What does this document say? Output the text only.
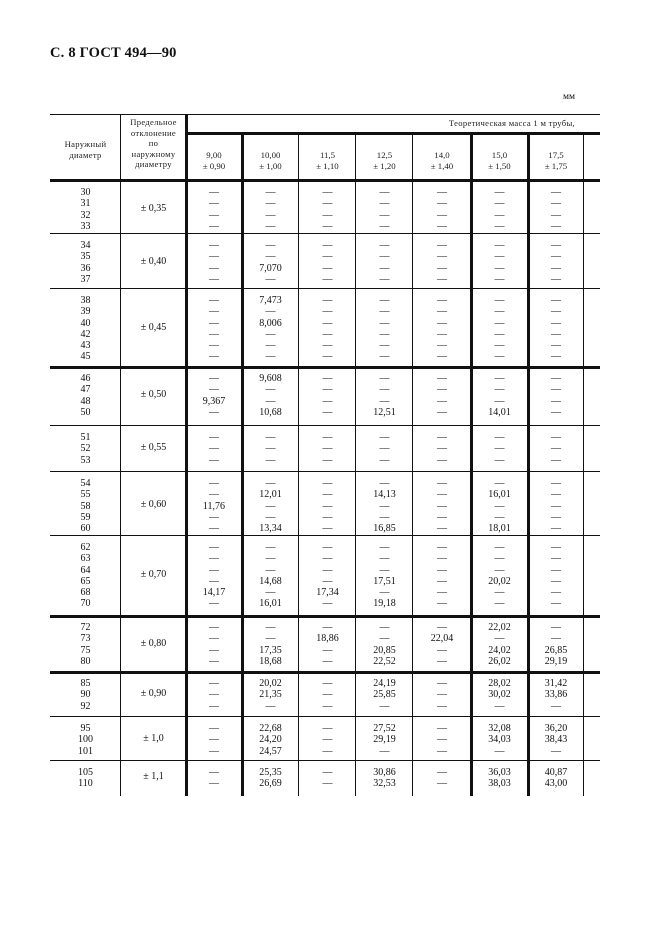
С. 8 ГОСТ 494—90
мм
Наружный диаметр
Предельное
отклонение
по
наружному
диаметру
Теоретическая масса 1 м трубы,
9,00
± 0,90
10,00
± 1,00
11,5
± 1,10
12,5
± 1,20
14,0
± 1,40
15,0
± 1,50
17,5
± 1,75
30
31
32
33
± 0,35
—
—
—
—
—
—
—
—
—
—
—
—
—
—
—
—
—
—
—
—
—
—
—
—
—
—
—
—
34
35
36
37
± 0,40
—
—
—
—
—
—
7,070
—
—
—
—
—
—
—
—
—
—
—
—
—
—
—
—
—
—
—
—
—
38
39
40
42
43
45
± 0,45
—
—
—
—
—
—
7,473
—
8,006
—
—
—
—
—
—
—
—
—
—
—
—
—
—
—
—
—
—
—
—
—
—
—
—
—
—
—
—
—
—
—
—
—
46
47
48
50
± 0,50
—
—
9,367
—
9,608
—
—
10,68
—
—
—
—
—
—
—
12,51
—
—
—
—
—
—
—
14,01
—
—
—
—
51
52
53
± 0,55
—
—
—
—
—
—
—
—
—
—
—
—
—
—
—
—
—
—
—
—
—
54
55
58
59
60
± 0,60
—
—
11,76
—
—
—
12,01
—
—
13,34
—
—
—
—
—
—
14,13
—
—
16,85
—
—
—
—
—
—
16,01
—
—
18,01
—
—
—
—
—
62
63
64
65
68
70
± 0,70
—
—
—
—
14,17
—
—
—
—
14,68
—
16,01
—
—
—
—
17,34
—
—
—
—
17,51
—
19,18
—
—
—
—
—
—
—
—
—
20,02
—
—
—
—
—
—
—
—
72
73
75
80
± 0,80
—
—
—
—
—
—
17,35
18,68
—
18,86
—
—
—
—
20,85
22,52
—
22,04
—
—
22,02
—
24,02
26,02
—
—
26,85
29,19
85
90
92
± 0,90
—
—
—
20,02
21,35
—
—
—
—
24,19
25,85
—
—
—
—
28,02
30,02
—
31,42
33,86
—
95
100
101
± 1,0
—
—
—
22,68
24,20
24,57
—
—
—
27,52
29,19
—
—
—
—
32,08
34,03
—
36,20
38,43
—
105
110
± 1,1	—
—
25,35
26,69
—
—
30,86
32,53
—
—
36,03
38,03
40,87
43,00
